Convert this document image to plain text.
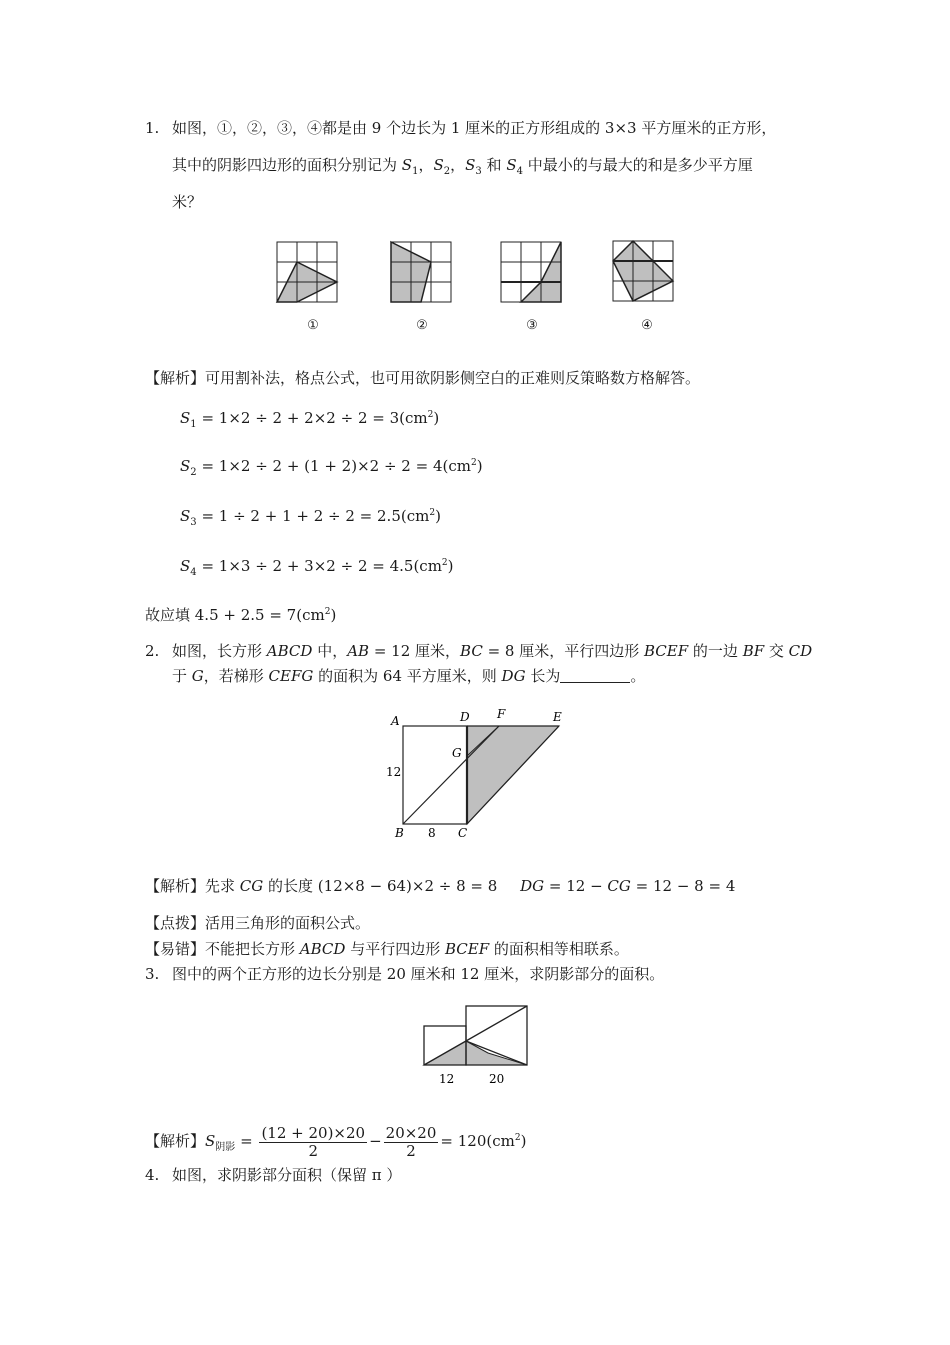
1. 如图，①，②，③，④都是由 9 个边长为 1 厘米的正方形组成的 3×3 平方厘米的正方形，
其中的阴影四边形的面积分别记为 $S_1$，$S_2$，$S_3$ 和 $S_4$ 中最小的与最大的和是多少平方厘
米？
①	②	③	④
【解析】可用割补法，格点公式，也可用欲阴影侧空白的正难则反策略数方格解答。
$S_1 = 1\times 2 \div 2 + 2\times 2 \div 2 = 3(cm^2)$
$S_2 = 1\times 2 \div 2 + (1 + 2)\times 2 \div 2 = 4(cm^2)$
$S_3 = 1 \div 2 + 1 + 2 \div 2 = 2.5(cm^2)$
$S_4 = 1\times 3 \div 2 + 3\times 2 \div 2 = 4.5(cm^2)$
故应填 $4.5 + 2.5 = 7(cm^2)$
2. 如图，长方形 ABCD 中，AB = 12 厘米，BC = 8 厘米，平行四边形 BCEF 的一边 BF 交 CD
于 G，若梯形 CEFG 的面积为 64 平方厘米，则 DG 长为	。
A	D F	E
G
B	C
12
8
【解析】先求 CG 的长度 (12×8 − 64)×2 ÷ 8 = 8 DG = 12 − CG = 12 − 8 = 4
【点拨】活用三角形的面积公式。
【易错】不能把长方形 ABCD 与平行四边形 BCEF 的面积相等相联系。
3. 图中的两个正方形的边长分别是 20 厘米和 12 厘米，求阴影部分的面积。
12	20
【解析】$S_{阴影} = \frac{(12 + 20)\times 20}{2} - \frac{20\times 20}{2} = 120(cm^2)$
4. 如图，求阴影部分面积（保留 π ）
